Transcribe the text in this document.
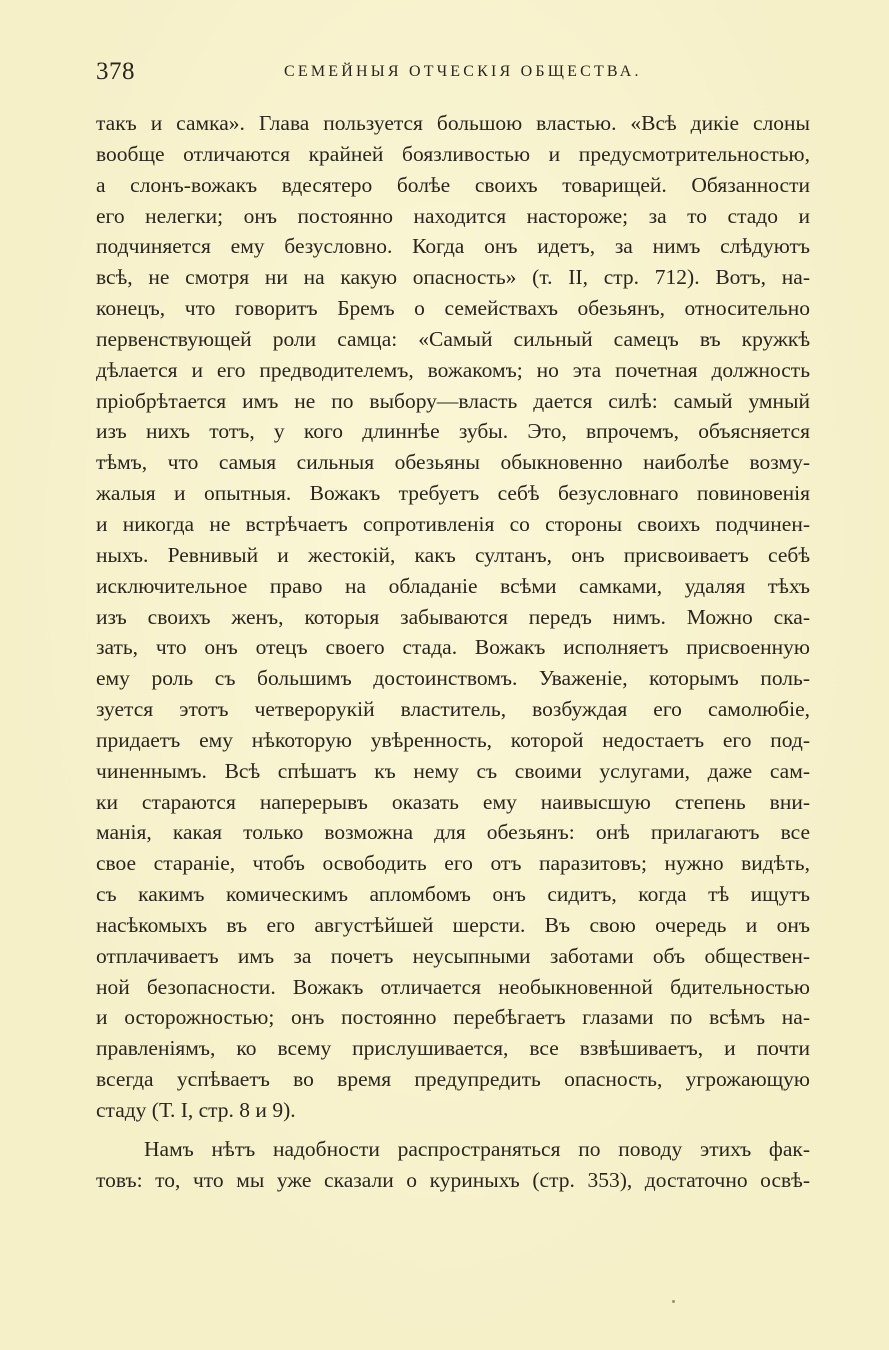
378	СЕМЕЙНЫЯ ОТЧЕСКIЯ ОБЩЕСТВА.
такъ и самка». Глава пользуется большою властью. «Всѣ дикiе слоны
вообще отличаются крайней боязливостью и предусмотрительностью,
а слонъ-вожакъ вдесятеро болѣе своихъ товарищей. Обязанности
его нелегки; онъ постоянно находится настороже; за то стадо и
подчиняется ему безусловно. Когда онъ идетъ, за нимъ слѣдуютъ
всѣ, не смотря ни на какую опасность» (т. II, стр. 712). Вотъ, на-
конецъ, что говоритъ Бремъ о семействахъ обезьянъ, относительно
первенствующей роли самца: «Самый сильный самецъ въ кружкѣ
дѣлается и его предводителемъ, вожакомъ; но эта почетная должность
прiобрѣтается имъ не по выбору—власть дается силѣ: самый умный
изъ нихъ тотъ, у кого длиннѣе зубы. Это, впрочемъ, объясняется
тѣмъ, что самыя сильныя обезьяны обыкновенно наиболѣе возму-
жалыя и опытныя. Вожакъ требуетъ себѣ безусловнаго повиновенiя
и никогда не встрѣчаетъ сопротивленiя со стороны своихъ подчинен-
ныхъ. Ревнивый и жестокiй, какъ султанъ, онъ присвоиваетъ себѣ
исключительное право на обладанiе всѣми самками, удаляя тѣхъ
изъ своихъ женъ, которыя забываются передъ нимъ. Можно ска-
зать, что онъ отецъ своего стада. Вожакъ исполняетъ присвоенную
ему роль съ большимъ достоинствомъ. Уваженiе, которымъ поль-
зуется этотъ четверорукiй властитель, возбуждая его самолюбiе,
придаетъ ему нѣкоторую увѣренность, которой недостаетъ его под-
чиненнымъ. Всѣ спѣшатъ къ нему съ своими услугами, даже сам-
ки стараются наперерывъ оказать ему наивысшую степень вни-
манiя, какая только возможна для обезьянъ: онѣ прилагаютъ все
свое старанiе, чтобъ освободить его отъ паразитовъ; нужно видѣть,
съ какимъ комическимъ апломбомъ онъ сидитъ, когда тѣ ищутъ
насѣкомыхъ въ его августѣйшей шерсти. Въ свою очередь и онъ
отплачиваетъ имъ за почетъ неусыпными заботами объ обществен-
ной безопасности. Вожакъ отличается необыкновенной бдительностью
и осторожностью; онъ постоянно перебѣгаетъ глазами по всѣмъ на-
правленiямъ, ко всему прислушивается, все взвѣшиваетъ, и почти
всегда успѣваетъ во время предупредить опасность, угрожающую
стаду (Т. I, стр. 8 и 9).
Намъ нѣтъ надобности распространяться по поводу этихъ фак-
товъ: то, что мы уже сказали о куриныхъ (стр. 353), достаточно освѣ-
